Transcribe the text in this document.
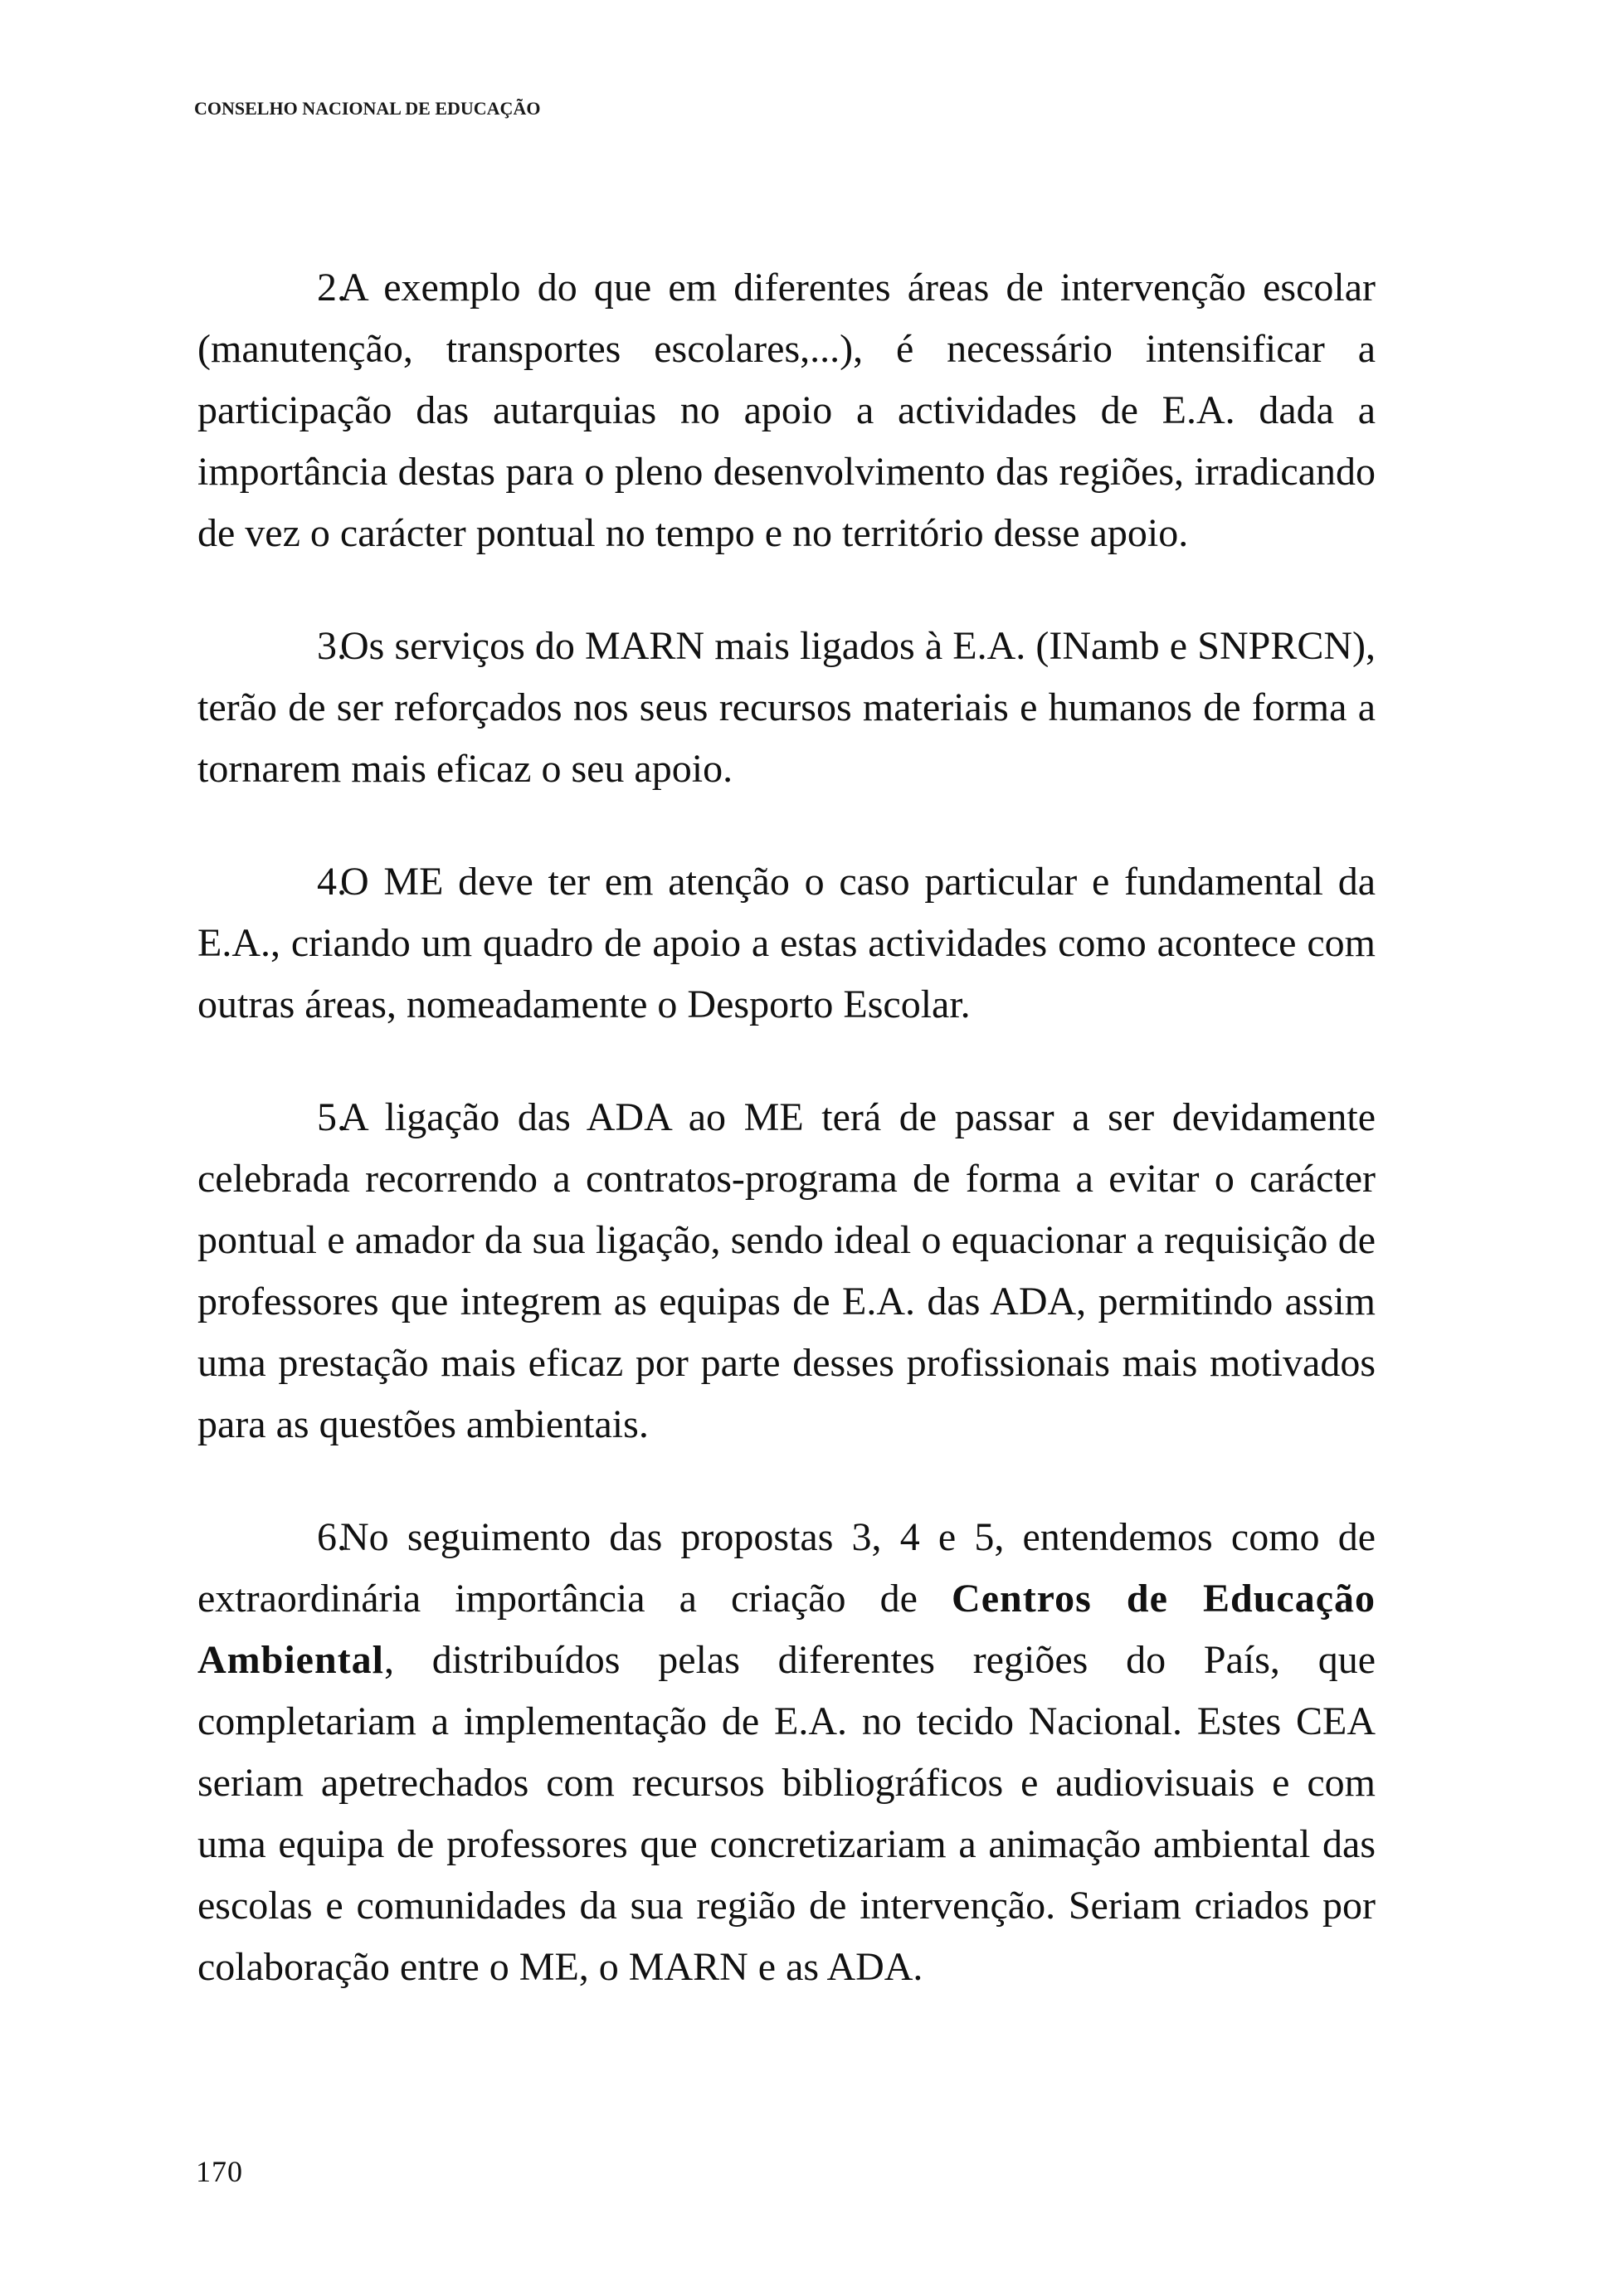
CONSELHO NACIONAL DE EDUCAÇÃO

2.A exemplo do que em diferentes áreas de intervenção escolar (manutenção, transportes escolares,...), é necessário intensificar a participação das autarquias no apoio a actividades de E.A. dada a importância destas para o pleno desenvolvimento das regiões, irradicando de vez o carácter pontual no tempo e no território desse apoio.

3.Os serviços do MARN mais ligados à E.A. (INamb e SNPRCN), terão de ser reforçados nos seus recursos materiais e humanos de forma a tornarem mais eficaz o seu apoio.

4.O ME deve ter em atenção o caso particular e fundamental da E.A., criando um quadro de apoio a estas actividades como acontece com outras áreas, nomeadamente o Desporto Escolar.

5.A ligação das ADA ao ME terá de passar a ser devidamente celebrada recorrendo a contratos-programa de forma a evitar o carácter pontual e amador da sua ligação, sendo ideal o equacionar a requisição de professores que integrem as equipas de E.A. das ADA, permitindo assim uma prestação mais eficaz por parte desses profissionais mais motivados para as questões ambientais.

6.No seguimento das propostas 3, 4 e 5, entendemos como de extraordinária importância a criação de Centros de Educação Ambiental, distribuídos pelas diferentes regiões do País, que completariam a implementação de E.A. no tecido Nacional. Estes CEA seriam apetrechados com recursos bibliográficos e audiovisuais e com uma equipa de professores que concretizariam a animação ambiental das escolas e comunidades da sua região de intervenção. Seriam criados por colaboração entre o ME, o MARN e as ADA.

170
